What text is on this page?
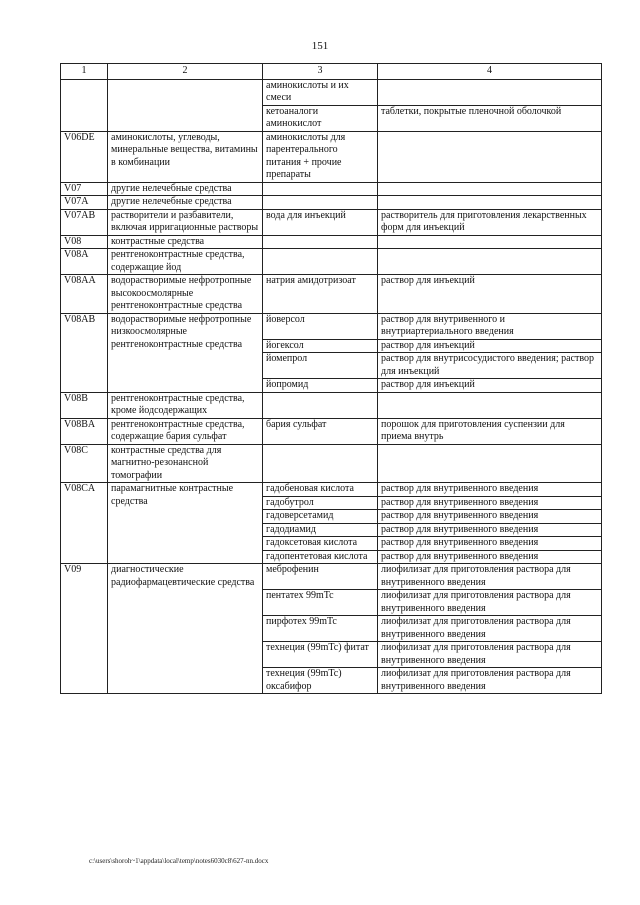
151
1	2	3	4
		аминокислоты и их смеси	
		кетоаналоги аминокислот	таблетки, покрытые пленочной оболочкой
V06DE	аминокислоты, углеводы, минеральные вещества, витамины в комбинации	аминокислоты для парентерального питания + прочие препараты	
V07	другие нелечебные средства		
V07A	другие нелечебные средства		
V07AB	растворители и разбавители, включая ирригационные растворы	вода для инъекций	растворитель для приготовления лекарственных форм для инъекций
V08	контрастные средства		
V08A	рентгеноконтрастные средства, содержащие йод		
V08AA	водорастворимые нефротропные высокоосмолярные рентгеноконтрастные средства	натрия амидотризоат	раствор для инъекций
V08AB	водорастворимые нефротропные низкоосмолярные рентгеноконтрастные средства	йоверсол	раствор для внутривенного и внутриартериального введения
		йогексол	раствор для инъекций
		йомепрол	раствор для внутрисосудистого введения; раствор для инъекций
		йопромид	раствор для инъекций
V08B	рентгеноконтрастные средства, кроме йодсодержащих		
V08BA	рентгеноконтрастные средства, содержащие бария сульфат	бария сульфат	порошок для приготовления суспензии для приема внутрь
V08C	контрастные средства для магнитно-резонансной томографии		
V08CA	парамагнитные контрастные средства	гадобеновая кислота	раствор для внутривенного введения
		гадобутрол	раствор для внутривенного введения
		гадоверсетамид	раствор для внутривенного введения
		гадодиамид	раствор для внутривенного введения
		гадоксетовая кислота	раствор для внутривенного введения
		гадопентетовая кислота	раствор для внутривенного введения
V09	диагностические радиофармацевтические средства	меброфенин	лиофилизат для приготовления раствора для внутривенного введения
		пентатех 99mTc	лиофилизат для приготовления раствора для внутривенного введения
		пирфотех 99mTc	лиофилизат для приготовления раствора для внутривенного введения
		технеция (99mTc) фитат	лиофилизат для приготовления раствора для внутривенного введения
		технеция (99mTc) оксабифор	лиофилизат для приготовления раствора для внутривенного введения
c:\users\shoroh~1\appdata\local\temp\notes6030c8\627-nn.docx
